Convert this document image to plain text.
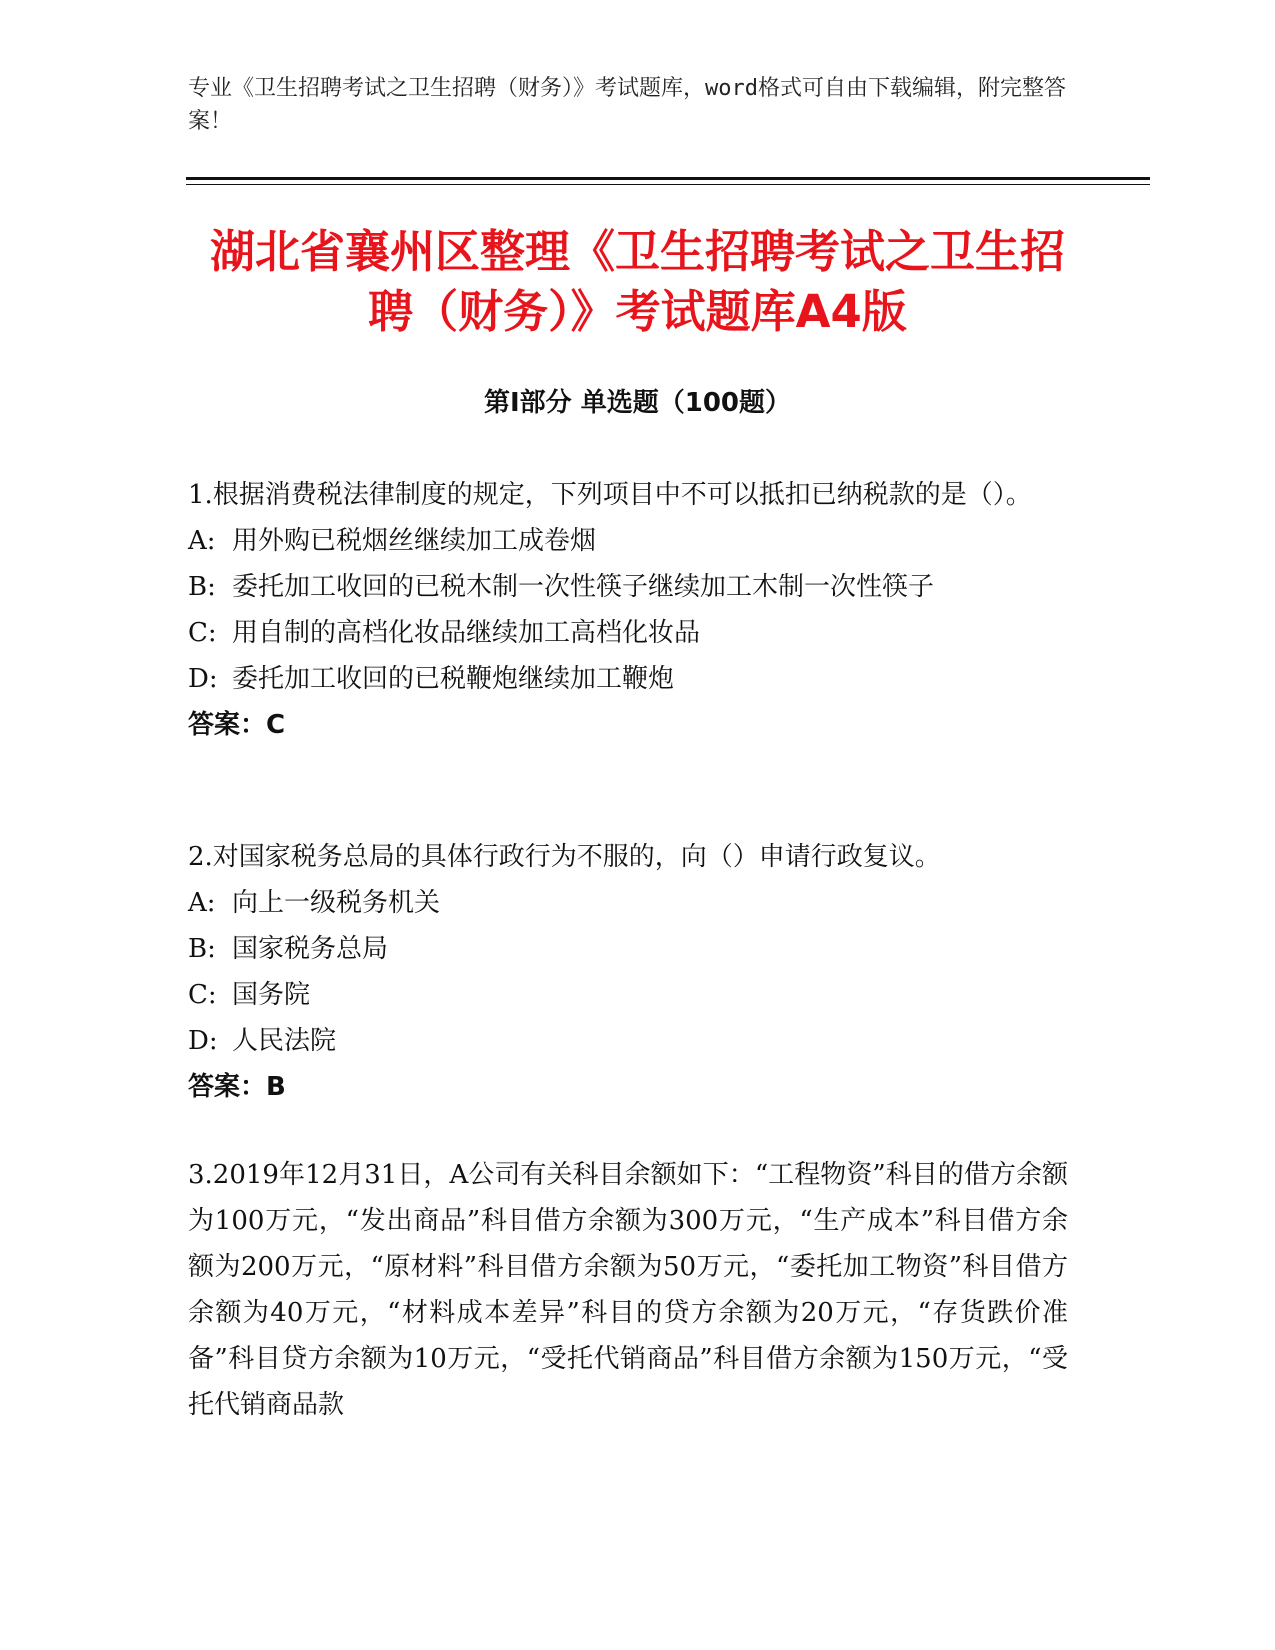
专业《卫生招聘考试之卫生招聘（财务）》考试题库，word格式可自由下载编辑，附完整答案！
湖北省襄州区整理《卫生招聘考试之卫生招
聘（财务）》考试题库A4版
第Ⅰ部分 单选题（100题）
1.根据消费税法律制度的规定，下列项目中不可以抵扣已纳税款的是（）。
A: 用外购已税烟丝继续加工成卷烟
B: 委托加工收回的已税木制一次性筷子继续加工木制一次性筷子
C: 用自制的高档化妆品继续加工高档化妆品
D: 委托加工收回的已税鞭炮继续加工鞭炮
答案：C
2.对国家税务总局的具体行政行为不服的，向（）申请行政复议。
A: 向上一级税务机关
B: 国家税务总局
C: 国务院
D: 人民法院
答案：B
3.2019年12月31日，A公司有关科目余额如下：“工程物资”科目的借方余额为100万元，“发出商品”科目借方余额为300万元，“生产成本”科目借方余额为200万元，“原材料”科目借方余额为50万元，“委托加工物资”科目借方余额为40万元，“材料成本差异”科目的贷方余额为20万元，“存货跌价准备”科目贷方余额为10万元，“受托代销商品”科目借方余额为150万元，“受托代销商品款
